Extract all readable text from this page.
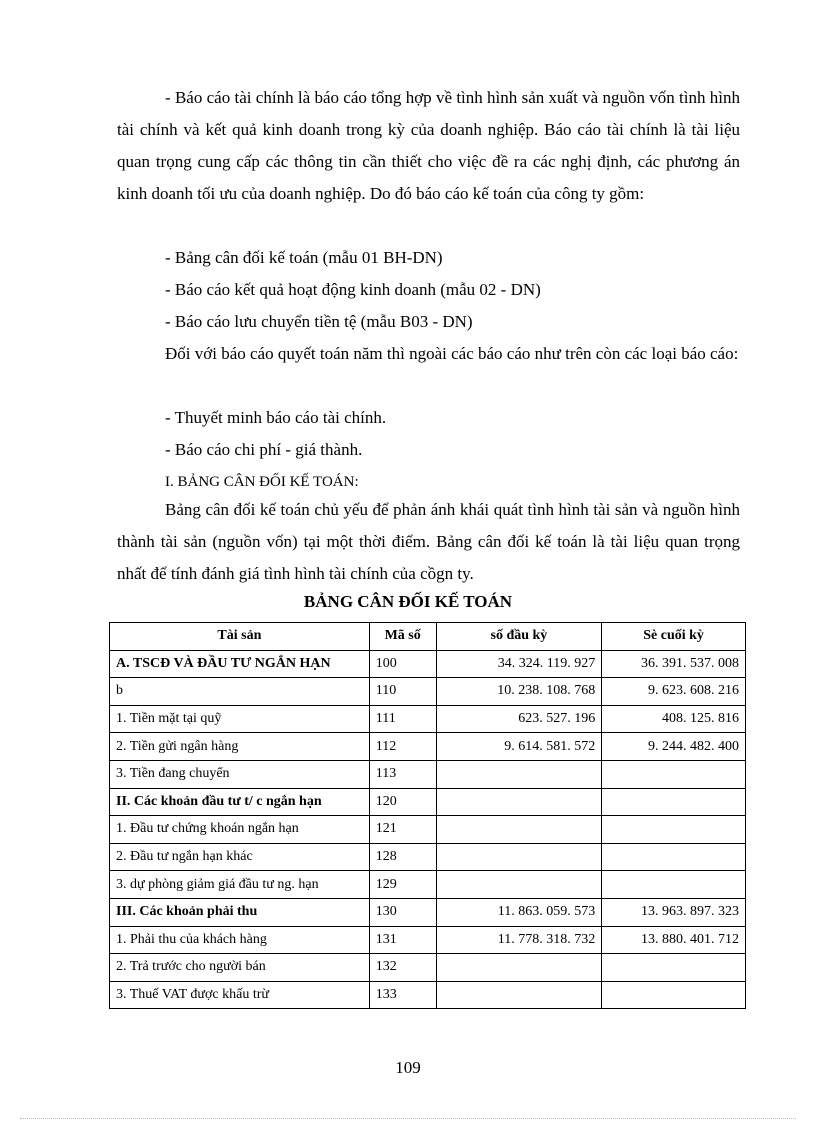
- Báo cáo tài chính là báo cáo tổng hợp về tình hình sản xuất và nguồn vốn tình hình tài chính và kết quả kinh doanh trong kỳ của doanh nghiệp. Báo cáo tài chính là tài liệu quan trọng cung cấp các thông tin cần thiết cho việc đề ra các nghị định, các phương án kinh doanh tối ưu của doanh nghiệp. Do đó báo cáo kế toán của công ty gồm:

- Bảng cân đối kế toán (mẫu 01 BH-DN)

- Báo cáo kết quả hoạt động kinh doanh (mẫu 02 - DN)

- Báo cáo lưu chuyển tiền tệ (mẫu B03 - DN)

Đối với báo cáo quyết toán năm thì ngoài các báo cáo như trên còn các loại báo cáo:

- Thuyết minh báo cáo tài chính.

- Báo cáo chi phí - giá thành.

I. BẢNG CÂN ĐỐI KẾ TOÁN:

Bảng cân đối kế toán chủ yếu để phản ánh khái quát tình hình tài sản và nguồn hình thành tài sản (nguồn vốn) tại một thời điểm. Bảng cân đối kế toán là tài liệu quan trọng nhất để tính đánh giá tình hình tài chính của cồgn ty.

BẢNG CÂN ĐỐI KẾ TOÁN
Tài sản	Mã số	số đầu kỳ	Sè cuối kỳ
A. TSCĐ VÀ ĐẦU TƯ NGẮN HẠN	100	34. 324. 119. 927	36. 391. 537. 008
b	110	10. 238. 108. 768	9. 623. 608. 216
1. Tiền mặt tại quỹ	111	623. 527. 196	408. 125. 816
2. Tiền gửi ngân hàng	112	9. 614. 581. 572	9. 244. 482. 400
3. Tiền đang chuyển	113		
II. Các khoản đầu tư t/ c ngắn hạn	120		
1. Đầu tư chứng khoán ngắn hạn	121		
2. Đầu tư ngắn hạn khác	128		
3. dự phòng giảm giá đầu tư ng. hạn	129		
III. Các khoản phải thu	130	11. 863. 059. 573	13. 963. 897. 323
1. Phải thu của khách hàng	131	11. 778. 318. 732	13. 880. 401. 712
2. Trả trước cho người bán	132		
3. Thuế VAT được khấu trừ	133		
109
